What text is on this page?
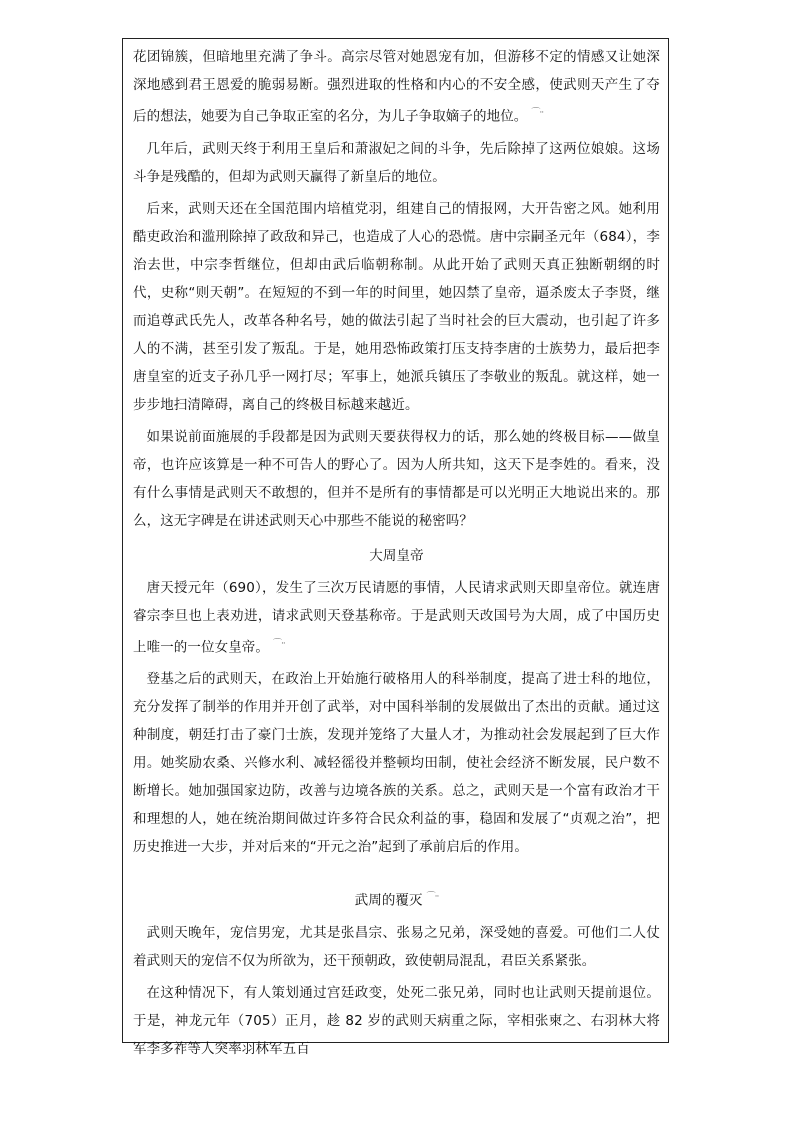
花团锦簇，但暗地里充满了争斗。高宗尽管对她恩宠有加，但游移不定的情感又让她深深地感到君王恩爱的脆弱易断。强烈进取的性格和内心的不安全感，使武则天产生了夺后的想法，她要为自己争取正室的名分，为儿子争取嫡子的地位。 ⌒··

几年后，武则天终于利用王皇后和萧淑妃之间的斗争，先后除掉了这两位娘娘。这场斗争是残酷的，但却为武则天赢得了新皇后的地位。

后来，武则天还在全国范围内培植党羽，组建自己的情报网，大开告密之风。她利用酷吏政治和滥刑除掉了政敌和异己，也造成了人心的恐慌。唐中宗嗣圣元年（684），李治去世，中宗李哲继位，但却由武后临朝称制。从此开始了武则天真正独断朝纲的时代，史称“则天朝”。在短短的不到一年的时间里，她囚禁了皇帝，逼杀废太子李贤，继而追尊武氏先人，改革各种名号，她的做法引起了当时社会的巨大震动，也引起了许多人的不满，甚至引发了叛乱。于是，她用恐怖政策打压支持李唐的士族势力，最后把李唐皇室的近支子孙几乎一网打尽；军事上，她派兵镇压了李敬业的叛乱。就这样，她一步步地扫清障碍，离自己的终极目标越来越近。

如果说前面施展的手段都是因为武则天要获得权力的话，那么她的终极目标——做皇帝，也许应该算是一种不可告人的野心了。因为人所共知，这天下是李姓的。看来，没有什么事情是武则天不敢想的，但并不是所有的事情都是可以光明正大地说出来的。那么，这无字碑是在讲述武则天心中那些不能说的秘密吗？

大周皇帝

唐天授元年（690），发生了三次万民请愿的事情，人民请求武则天即皇帝位。就连唐睿宗李旦也上表劝进，请求武则天登基称帝。于是武则天改国号为大周，成了中国历史上唯一的一位女皇帝。 ⌒··

登基之后的武则天，在政治上开始施行破格用人的科举制度，提高了进士科的地位，充分发挥了制举的作用并开创了武举，对中国科举制的发展做出了杰出的贡献。通过这种制度，朝廷打击了豪门士族，发现并笼络了大量人才，为推动社会发展起到了巨大作用。她奖励农桑、兴修水利、减轻徭役并整顿均田制，使社会经济不断发展，民户数不断增长。她加强国家边防，改善与边境各族的关系。总之，武则天是一个富有政治才干和理想的人，她在统治期间做过许多符合民众利益的事，稳固和发展了“贞观之治”，把历史推进一大步，并对后来的“开元之治”起到了承前启后的作用。

武周的覆灭 ⌒··

武则天晚年，宠信男宠，尤其是张昌宗、张易之兄弟，深受她的喜爱。可他们二人仗着武则天的宠信不仅为所欲为，还干预朝政，致使朝局混乱，君臣关系紧张。

在这种情况下，有人策划通过宫廷政变，处死二张兄弟，同时也让武则天提前退位。于是，神龙元年（705）正月，趁 82 岁的武则天病重之际，宰相张柬之、右羽林大将军李多祚等人突率羽林军五百
